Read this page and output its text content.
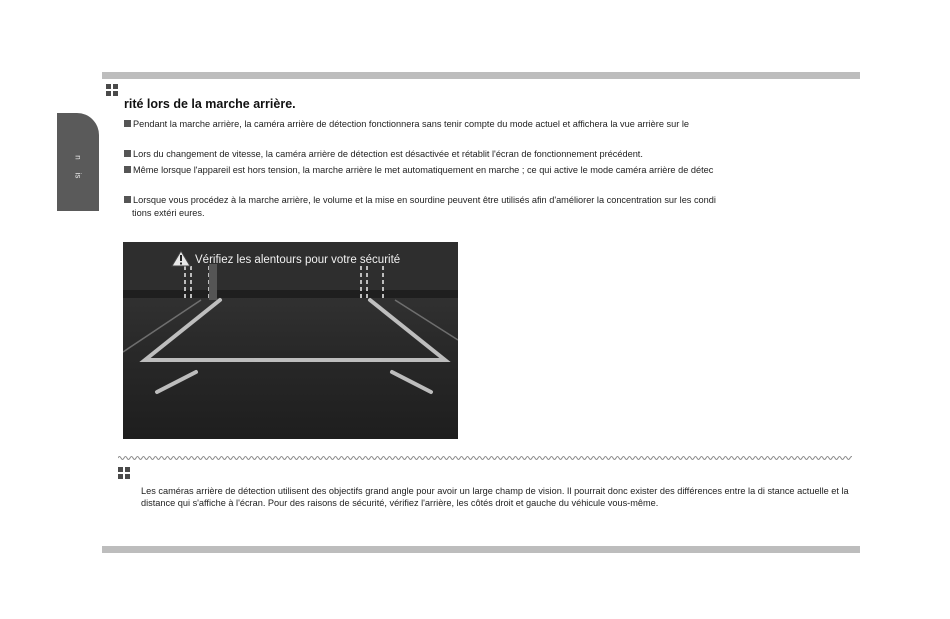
n
is
rité lors de la marche arrière.
Pendant la marche arrière, la caméra arrière de détection fonctionnera sans tenir compte du mode actuel et affichera la vue arrière sur le
Lors du changement de vitesse, la caméra arrière de détection est désactivée et rétablit l'écran de fonctionnement précédent.
Même lorsque l'appareil est hors tension, la marche arrière le met automatiquement en marche ; ce qui active le mode caméra arrière de détec
Lorsque vous procédez à la marche arrière, le volume et la mise en sourdine peuvent être utilisés afin d'améliorer la concentration sur les condi
tions extéri eures.
Vérifiez les alentours pour votre sécurité
Les caméras arrière de détection utilisent des objectifs grand angle pour avoir un large champ de vision. Il pourrait donc exister des différences entre la di stance actuelle et la distance qui s'affiche à l'écran. Pour des raisons de sécurité, vérifiez l'arrière, les côtés droit et gauche du véhicule vous-même.
